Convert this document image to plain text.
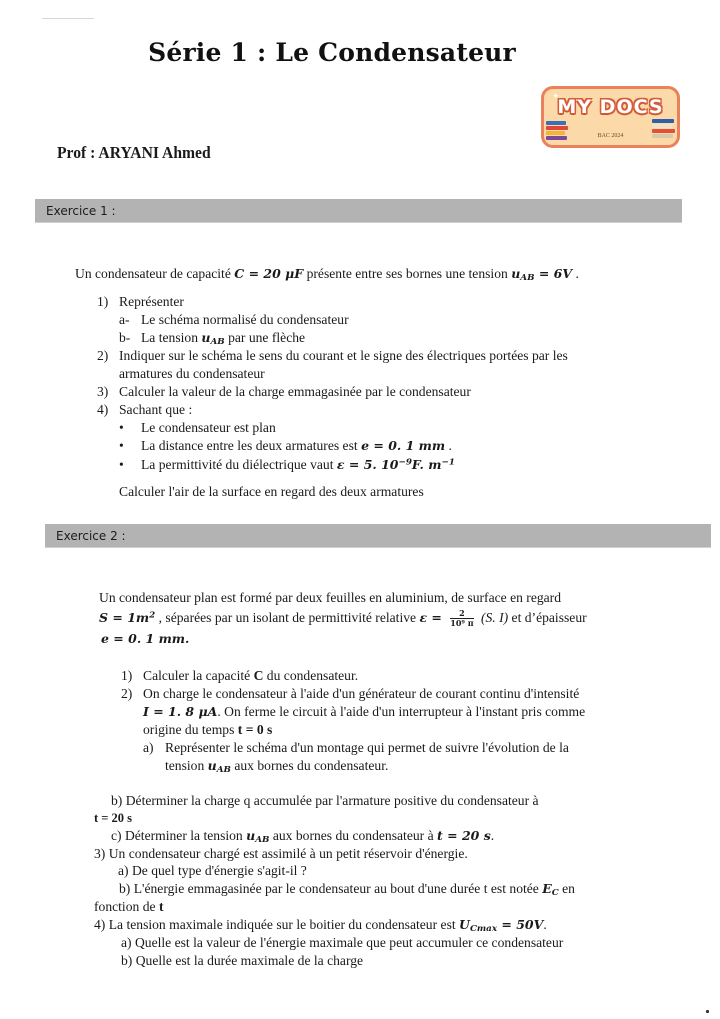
Série 1 : Le Condensateur
✦
MY DOCS
BAC 2024
Prof : ARYANI Ahmed
Exercice 1 :
Un condensateur de capacité C = 20 μF présente entre ses bornes une tension $u_{AB} = 6V$ .
1) Représenter
a- Le schéma normalisé du condensateur
b- La tension $u_{AB}$ par une flèche
2) Indiquer sur le schéma le sens du courant et le signe des électriques portées par les
armatures du condensateur
3) Calculer la valeur de la charge emmagasinée par le condensateur
4) Sachant que :
• Le condensateur est plan
• La distance entre les deux armatures est e = 0. 1 mm .
• La permittivité du diélectrique vaut ε = 5. $10^{-9}F$. $m^{-1}$
Calculer l'air de la surface en regard des deux armatures
Exercice 2 :
Un condensateur plan est formé par deux feuilles en aluminium, de surface en regard
$S = 1m^2$ , séparées par un isolant de permittivité relative $\varepsilon = \frac{2}{\text{10⁹ π}} (S$. I) et d’épaisseur
e = 0. 1 mm.
1) Calculer la capacité C du condensateur.
2) On charge le condensateur à l'aide d'un générateur de courant continu d'intensité
I = 1. 8 μA. On ferme le circuit à l'aide d'un interrupteur à l'instant pris comme
origine du temps t = 0 s
a) Représenter le schéma d'un montage qui permet de suivre l'évolution de la
tension $u_{AB}$ aux bornes du condensateur.
b) Déterminer la charge q accumulée par l'armature positive du condensateur à
t = 20 s
c) Déterminer la tension $u_{AB}$ aux bornes du condensateur à t = 20 s.
3) Un condensateur chargé est assimilé à un petit réservoir d'énergie.
a) De quel type d'énergie s'agit-il ?
b) L'énergie emmagasinée par le condensateur au bout d'une durée t est notée $E_C$ en
fonction de t
4) La tension maximale indiquée sur le boitier du condensateur est $U_{Cmax} = 50V$.
a) Quelle est la valeur de l'énergie maximale que peut accumuler ce condensateur
b) Quelle est la durée maximale de la charge
